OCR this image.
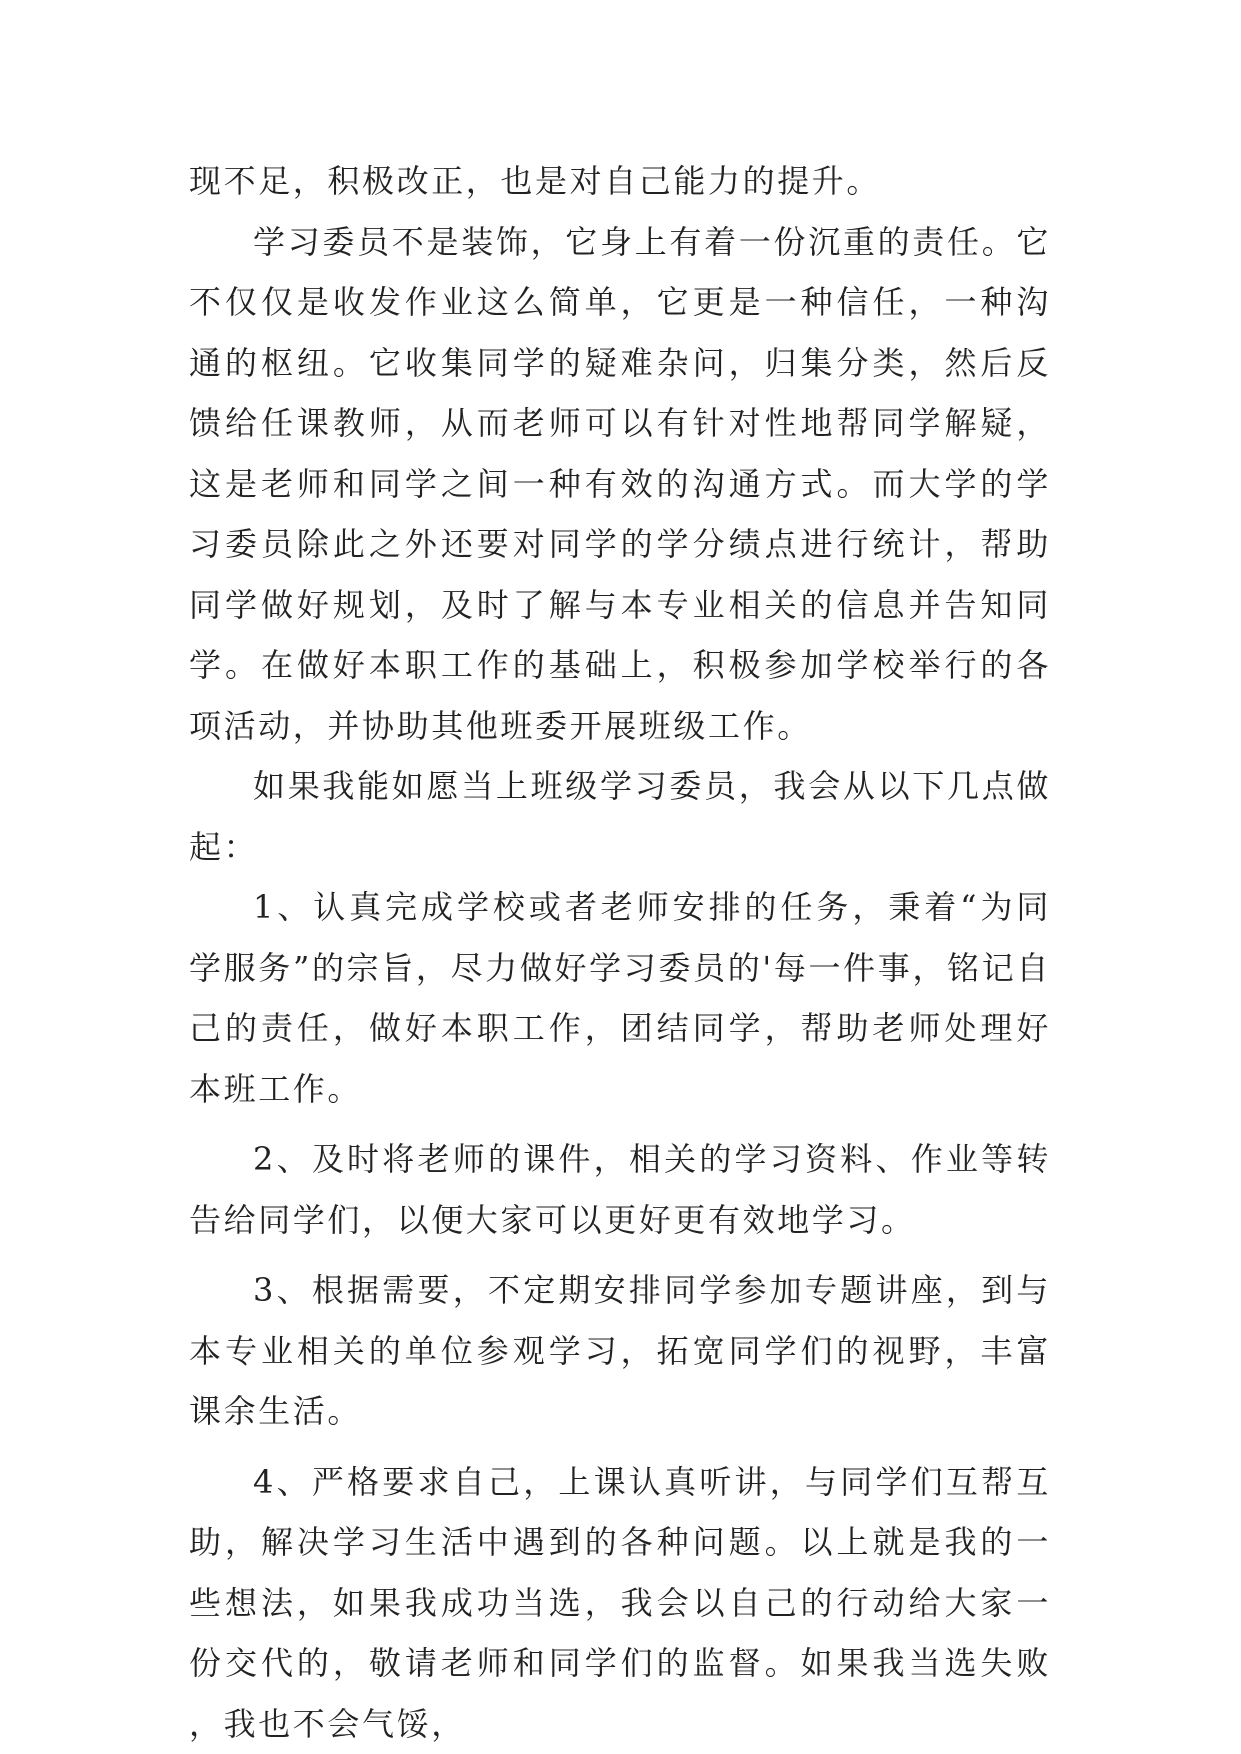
现不足，积极改正，也是对自己能力的提升。

学习委员不是装饰，它身上有着一份沉重的责任。它不仅仅是收发作业这么简单，它更是一种信任，一种沟通的枢纽。它收集同学的疑难杂问，归集分类，然后反馈给任课教师，从而老师可以有针对性地帮同学解疑，这是老师和同学之间一种有效的沟通方式。而大学的学习委员除此之外还要对同学的学分绩点进行统计，帮助同学做好规划，及时了解与本专业相关的信息并告知同学。在做好本职工作的基础上，积极参加学校举行的各项活动，并协助其他班委开展班级工作。

如果我能如愿当上班级学习委员，我会从以下几点做起：

1、认真完成学校或者老师安排的任务，秉着“为同学服务”的宗旨，尽力做好学习委员的'每一件事，铭记自己的责任，做好本职工作，团结同学，帮助老师处理好本班工作。

2、及时将老师的课件，相关的学习资料、作业等转告给同学们，以便大家可以更好更有效地学习。

3、根据需要，不定期安排同学参加专题讲座，到与本专业相关的单位参观学习，拓宽同学们的视野，丰富课余生活。

4、严格要求自己，上课认真听讲，与同学们互帮互助，解决学习生活中遇到的各种问题。以上就是我的一些想法，如果我成功当选，我会以自己的行动给大家一份交代的，敬请老师和同学们的监督。如果我当选失败，我也不会气馁，
